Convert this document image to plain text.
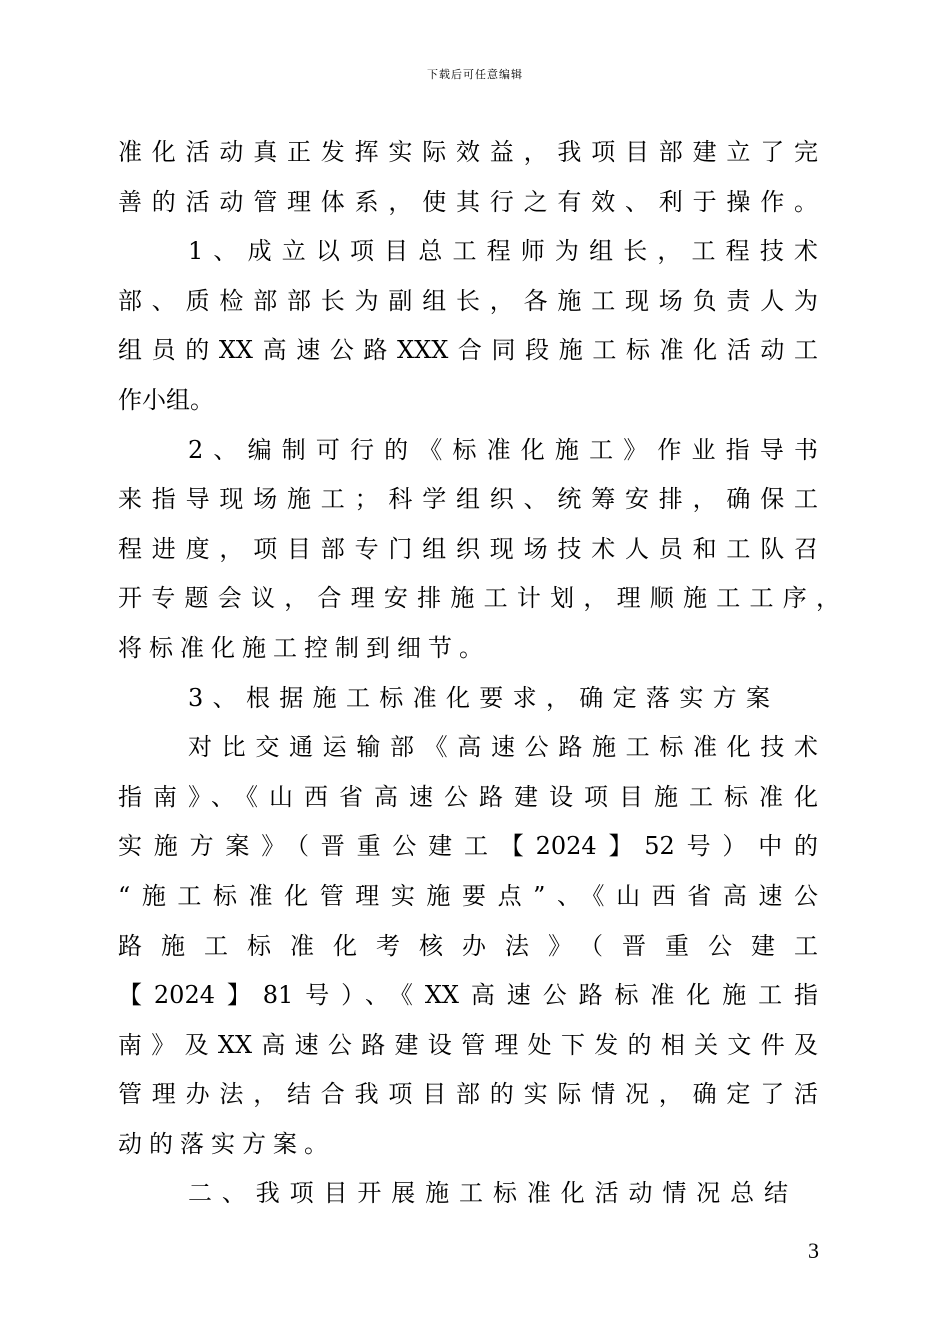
下载后可任意编辑
准化活动真正发挥实际效益，我项目部建立了完
善的活动管理体系，使其行之有效、利于操作。
1、成立以项目总工程师为组长，工程技术
部、质检部部长为副组长，各施工现场负责人为
组员的XX高速公路XXX合同段施工标准化活动工
作小组。
2、编制可行的《标准化施工》作业指导书
来指导现场施工；科学组织、统筹安排，确保工
程进度，项目部专门组织现场技术人员和工队召
开专题会议，合理安排施工计划，理顺施工工序，
将标准化施工控制到细节。
3、根据施工标准化要求，确定落实方案
对比交通运输部《高速公路施工标准化技术
指南》、《山西省高速公路建设项目施工标准化
实施方案》（晋重公建工【2024】52号）中的
“施工标准化管理实施要点”、《山西省高速公
路施工标准化考核办法》（晋重公建工
【2024】81号）、《XX高速公路标准化施工指
南》及XX高速公路建设管理处下发的相关文件及
管理办法，结合我项目部的实际情况，确定了活
动的落实方案。
二、我项目开展施工标准化活动情况总结
3
